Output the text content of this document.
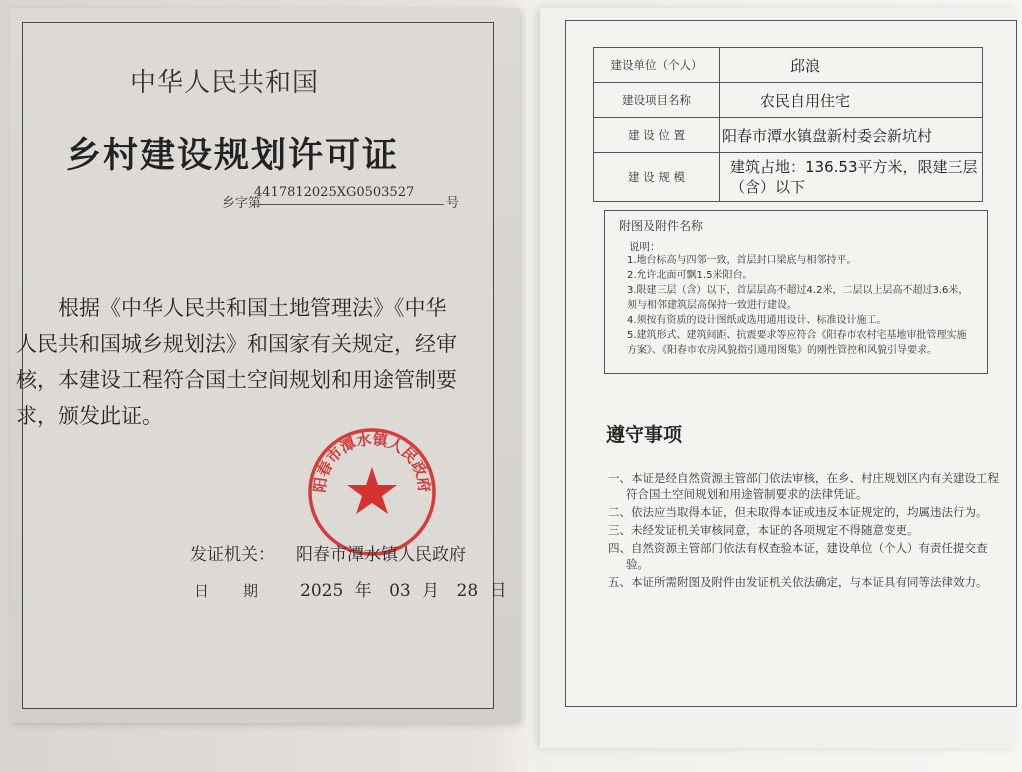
中华人民共和国
乡村建设规划许可证
乡字第
4417812025XG0503527
号
根据《中华人民共和国土地管理法》《中华人民共和国城乡规划法》和国家有关规定，经审核，本建设工程符合国土空间规划和用途管制要求，颁发此证。
阳春市潭水镇人民政府
发证机关： 阳春市潭水镇人民政府
日期 2025 年 03 月 28 日
建设单位（个人）	邱浪
建设项目名称	农民自用住宅
建 设 位 置	阳春市潭水镇盘新村委会新坑村
建 设 规 模	建筑占地：136.53平方米，限建三层（含）以下
附图及附件名称
说明：
1.地台标高与四邻一致，首层封口梁底与相邻持平。
2.允许北面可飘1.5米阳台。
3.限建三层（含）以下，首层层高不超过4.2米，二层以上层高不超过3.6米，须与相邻建筑层高保持一致进行建设。
4.须按有资质的设计图纸或选用通用设计、标准设计施工。
5.建筑形式、建筑间距、抗震要求等应符合《阳春市农村宅基地审批管理实施方案》、《阳春市农房风貌指引通用图集》的刚性管控和风貌引导要求。
遵守事项
一、本证是经自然资源主管部门依法审核，在乡、村庄规划区内有关建设工程符合国土空间规划和用途管制要求的法律凭证。
二、依法应当取得本证，但未取得本证或违反本证规定的，均属违法行为。
三、未经发证机关审核同意，本证的各项规定不得随意变更。
四、自然资源主管部门依法有权查验本证，建设单位（个人）有责任提交查验。
五、本证所需附图及附件由发证机关依法确定，与本证具有同等法律效力。
